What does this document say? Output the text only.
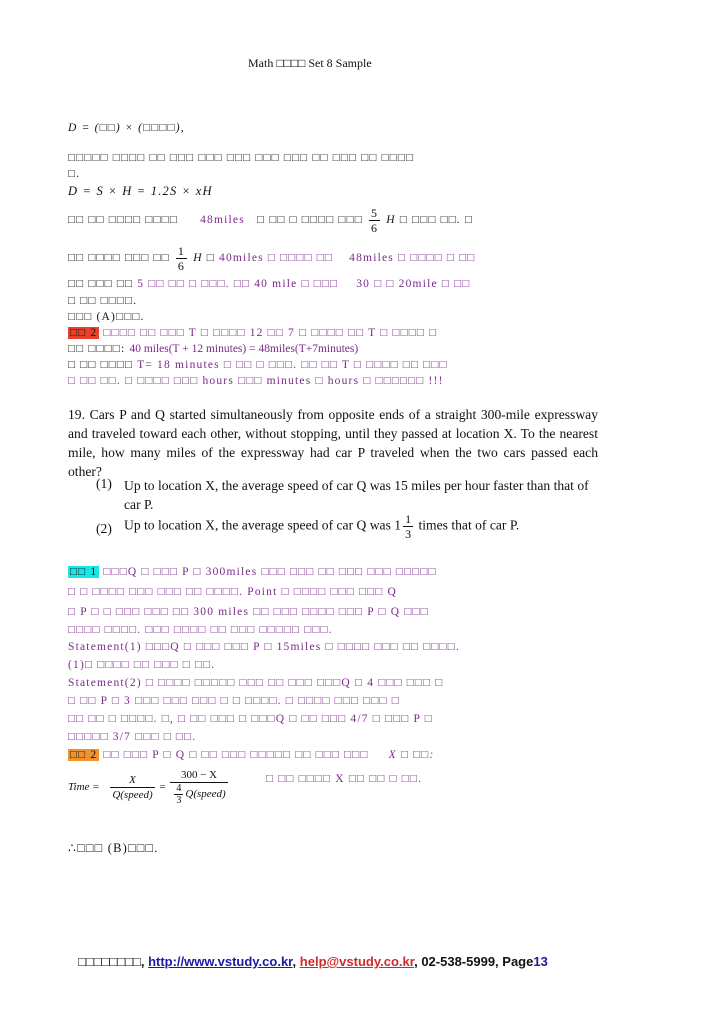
Math □□□□ Set 8 Sample
D = (□□) × (□□□□),
□□□□□ □□□□ □□ □□□ □□□ □□□ □□□ □□□ □□ □□□ □□ □□□□
□.
D = S × H = 1.2S × xH
□□ □□ □□□□ □□□□ 48miles □ □□ □ □□□□ □□□ $\frac{5}{6}$ H □ □□□ □□. □
□□ □□□□ □□□ □□ $\frac{1}{6}$ H □ 40miles □ □□□□ □□ 48miles □ □□□□ □ □□
□□ □□□ □□ 5 □□ □□ □ □□□. □□ 40 mile □ □□□ 30 □ □ 20mile □ □□
□ □□ □□□□.
□□□ (A)□□□.
□□ 2 □□□□ □□ □□□ T □ □□□□ 12 □□ 7 □ □□□□ □□ T □ □□□□ □
□□ □□□□: 40 miles(T + 12 minutes) = 48miles(T+7minutes)
□ □□ □□□□ T= 18 minutes □ □□ □ □□□. □□ □□ T □ □□□□ □□ □□□
□ □□ □□. □ □□□□ □□□ hours □□□ minutes □ hours □ □□□□□□ !!!
19. Cars P and Q started simultaneously from opposite ends of a straight 300-mile expressway and traveled toward each other, without stopping, until they passed at location X. To the nearest mile, how many miles of the expressway had car P traveled when the two cars passed each other?
(1) Up to location X, the average speed of car Q was 15 miles per hour faster than that of car P.
(2) Up to location X, the average speed of car Q was $1 \frac{1}{3}$ times that of car P.
□□ 1 □□□Q □ □□□ P □ 300miles □□□ □□□ □□ □□□ □□□ □□□□□
□ □ □□□□ □□□ □□□ □□ □□□□. Point □ □□□□ □□□ □□□ Q
□ P □ □ □□□ □□□ □□ 300 miles □□ □□□ □□□□ □□□ P □ Q □□□
□□□□ □□□□. □□□ □□□□ □□ □□□ □□□□□ □□□.
Statement(1) □□□Q □ □□□ □□□ P □ 15miles □ □□□□ □□□ □□ □□□□.
(1)□ □□□□ □□ □□□ □ □□.
Statement(2) □ □□□□ □□□□□ □□□ □□ □□□ □□□Q □ 4 □□□ □□□ □
□ □□ P □ 3 □□□ □□□ □□□ □ □ □□□□. □ □□□□ □□□ □□□ □
□□ □□ □ □□□□. □, □ □□ □□□ □ □□□Q □ □□ □□□ 4/7 □ □□□ P □
□□□□□ 3/7 □□□ □ □□.
□□ 2 □□ □□□ P □ Q □ □□ □□□ □□□□□ □□ □□□ □□□ X □ □□:
Time = $\frac{X}{\text{Q(speed)}} = \frac{300 - X}{\frac{4}{3} Q(speed)}$	□ □□ □□□□ X □□ □□ □ □□.
∴□□□ (B)□□□.
□□□□□□□□, http://www.vstudy.co.kr, help@vstudy.co.kr, 02-538-5999, Page13
